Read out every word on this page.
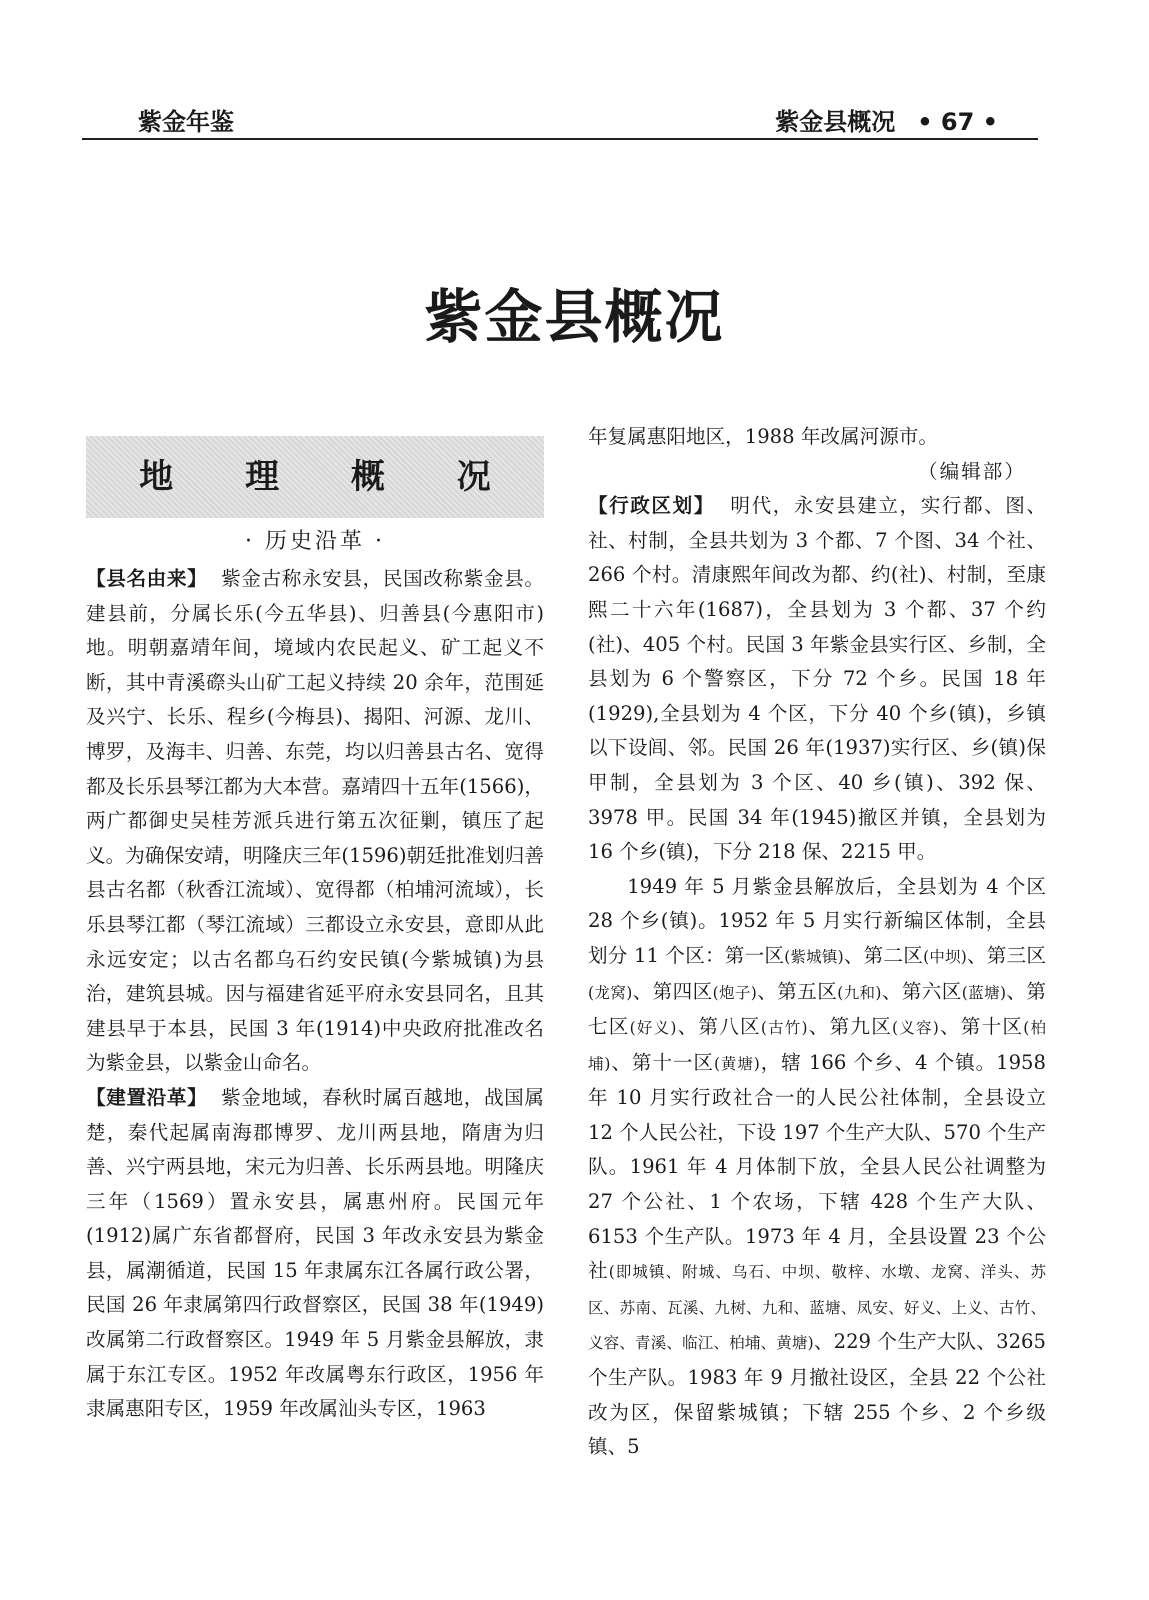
紫金年鉴	紫金县概况 • 67 •
紫金县概况
地 理 概 况
· 历史沿革 ·

【县名由来】 紫金古称永安县，民国改称紫金县。建县前，分属长乐(今五华县)、归善县(今惠阳市)地。明朝嘉靖年间，境域内农民起义、矿工起义不断，其中青溪磜头山矿工起义持续 20 余年，范围延及兴宁、长乐、程乡(今梅县)、揭阳、河源、龙川、博罗，及海丰、归善、东莞，均以归善县古名、宽得都及长乐县琴江都为大本营。嘉靖四十五年(1566)，两广都御史吴桂芳派兵进行第五次征剿，镇压了起义。为确保安靖，明隆庆三年(1596)朝廷批准划归善县古名都（秋香江流域）、宽得都（柏埔河流域），长乐县琴江都（琴江流域）三都设立永安县，意即从此永远安定；以古名都乌石约安民镇(今紫城镇)为县治，建筑县城。因与福建省延平府永安县同名，且其建县早于本县，民国 3 年(1914)中央政府批准改名为紫金县，以紫金山命名。

【建置沿革】 紫金地域，春秋时属百越地，战国属楚，秦代起属南海郡博罗、龙川两县地，隋唐为归善、兴宁两县地，宋元为归善、长乐两县地。明隆庆三年（1569）置永安县，属惠州府。民国元年(1912)属广东省都督府，民国 3 年改永安县为紫金县，属潮循道，民国 15 年隶属东江各属行政公署，民国 26 年隶属第四行政督察区，民国 38 年(1949)改属第二行政督察区。1949 年 5 月紫金县解放，隶属于东江专区。1952 年改属粤东行政区，1956 年隶属惠阳专区，1959 年改属汕头专区，1963

年复属惠阳地区，1988 年改属河源市。

（编辑部）

【行政区划】 明代，永安县建立，实行都、图、社、村制，全县共划为 3 个都、7 个图、34 个社、266 个村。清康熙年间改为都、约(社)、村制，至康熙二十六年(1687)，全县划为 3 个都、37 个约(社)、405 个村。民国 3 年紫金县实行区、乡制，全县划为 6 个警察区，下分 72 个乡。民国 18 年(1929),全县划为 4 个区，下分 40 个乡(镇)，乡镇以下设闾、邻。民国 26 年(1937)实行区、乡(镇)保甲制，全县划为 3 个区、40 乡(镇)、392 保、3978 甲。民国 34 年(1945)撤区并镇，全县划为 16 个乡(镇)，下分 218 保、2215 甲。

1949 年 5 月紫金县解放后，全县划为 4 个区 28 个乡(镇)。1952 年 5 月实行新编区体制，全县划分 11 个区：第一区(紫城镇)、第二区(中坝)、第三区(龙窝)、第四区(炮子)、第五区(九和)、第六区(蓝塘)、第七区(好义)、第八区(古竹)、第九区(义容)、第十区(柏埔)、第十一区(黄塘)，辖 166 个乡、4 个镇。1958 年 10 月实行政社合一的人民公社体制，全县设立 12 个人民公社，下设 197 个生产大队、570 个生产队。1961 年 4 月体制下放，全县人民公社调整为 27 个公社、1 个农场，下辖 428 个生产大队、6153 个生产队。1973 年 4 月，全县设置 23 个公社(即城镇、附城、乌石、中坝、敬梓、水墩、龙窝、洋头、苏区、苏南、瓦溪、九树、九和、蓝塘、凤安、好义、上义、古竹、义容、青溪、临江、柏埔、黄塘)、229 个生产大队、3265 个生产队。1983 年 9 月撤社设区，全县 22 个公社改为区，保留紫城镇；下辖 255 个乡、2 个乡级镇、5
